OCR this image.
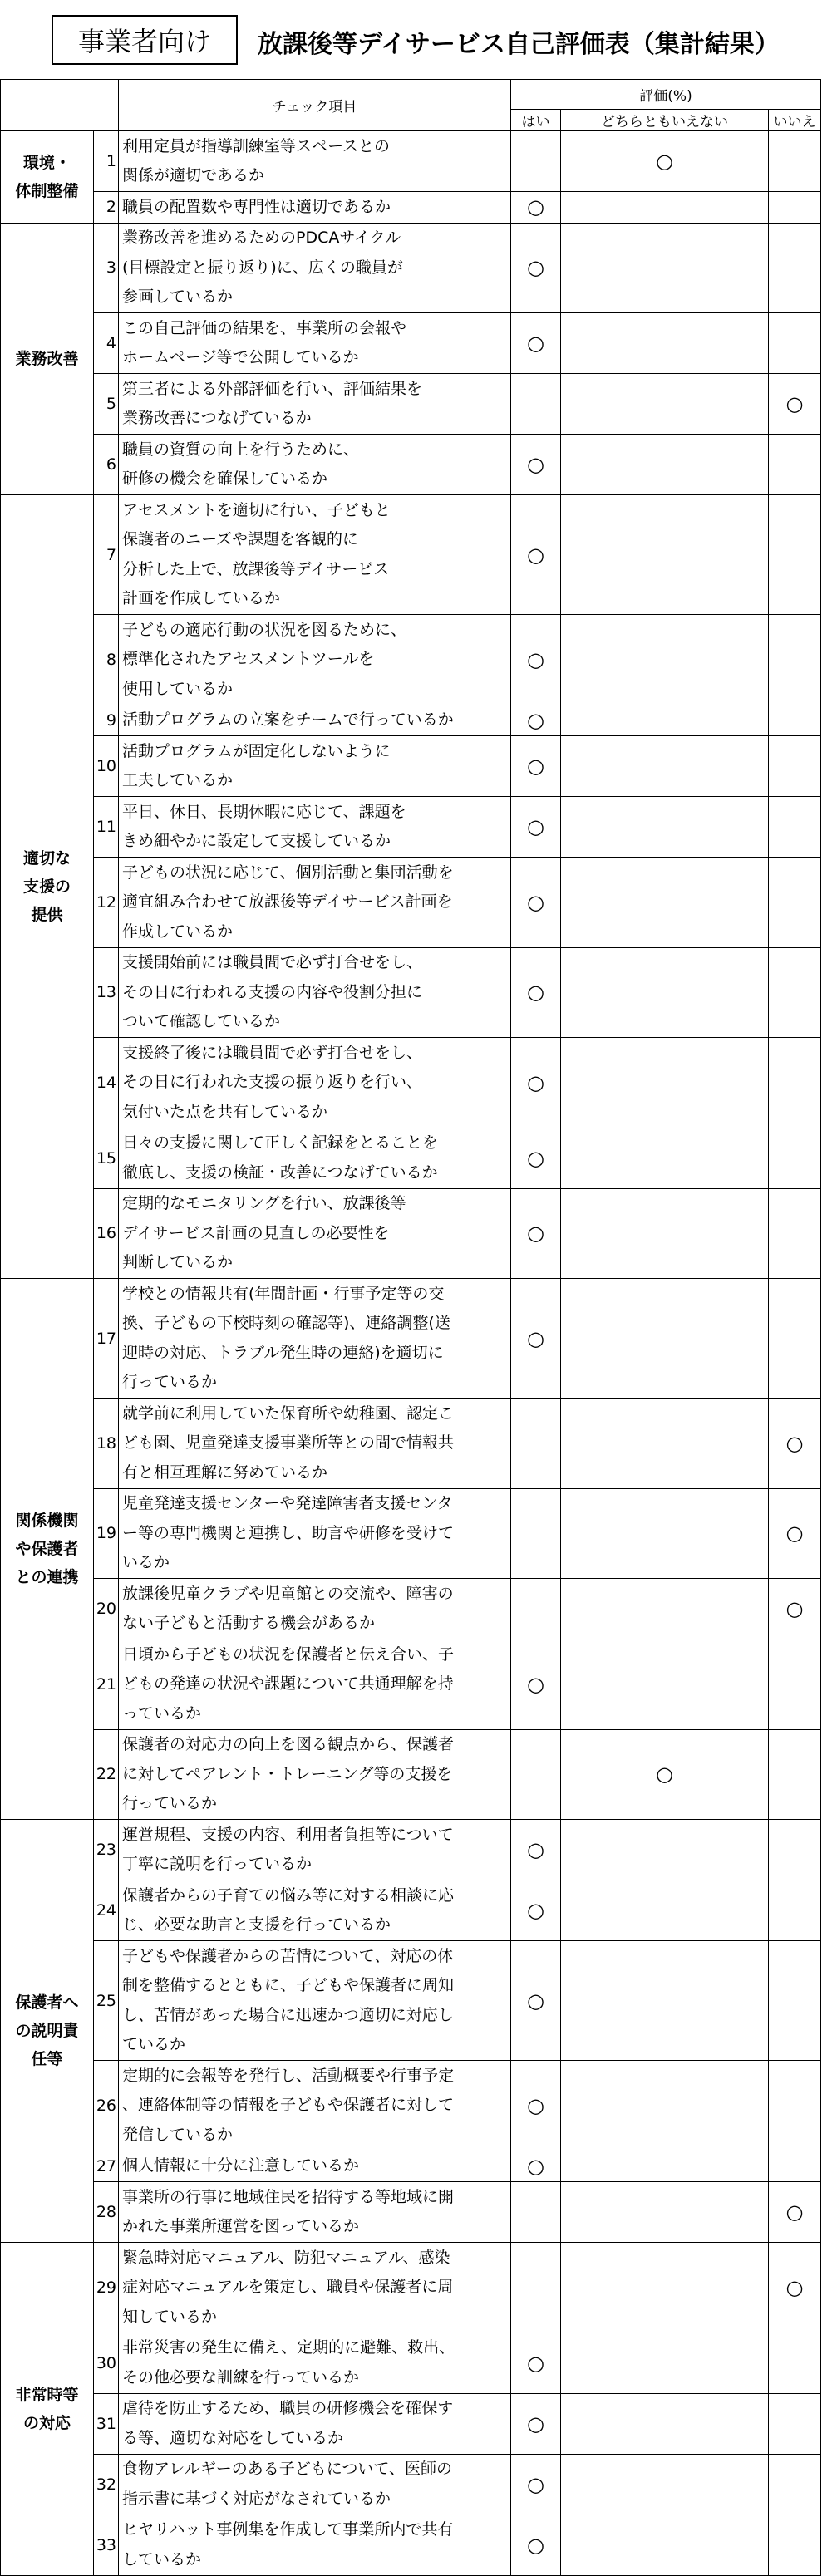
事業者向け	放課後等デイサービス自己評価表（集計結果）
		チェック項目	評価(%)		
			はい	どちらともいえない	いいえ
環境・
体制整備	1	利用定員が指導訓練室等スペースとの
関係が適切であるか		○	
	2	職員の配置数や専門性は適切であるか	○		
業務改善	3	業務改善を進めるためのPDCAサイクル
(目標設定と振り返り)に、広くの職員が
参画しているか	○		
	4	この自己評価の結果を、事業所の会報や
ホームページ等で公開しているか	○		
	5	第三者による外部評価を行い、評価結果を
業務改善につなげているか			○
	6	職員の資質の向上を行うために、
研修の機会を確保しているか	○		
適切な
支援の
提供	7	アセスメントを適切に行い、子どもと
保護者のニーズや課題を客観的に
分析した上で、放課後等デイサービス
計画を作成しているか	○		
	8	子どもの適応行動の状況を図るために、
標準化されたアセスメントツールを
使用しているか	○		
	9	活動プログラムの立案をチームで行っているか	○		
	10	活動プログラムが固定化しないように
工夫しているか	○		
	11	平日、休日、長期休暇に応じて、課題を
きめ細やかに設定して支援しているか	○		
	12	子どもの状況に応じて、個別活動と集団活動を
適宜組み合わせて放課後等デイサービス計画を
作成しているか	○		
	13	支援開始前には職員間で必ず打合せをし、
その日に行われる支援の内容や役割分担に
ついて確認しているか	○		
	14	支援終了後には職員間で必ず打合せをし、
その日に行われた支援の振り返りを行い､
気付いた点を共有しているか	○		
	15	日々の支援に関して正しく記録をとることを
徹底し、支援の検証・改善につなげているか	○		
	16	定期的なモニタリングを行い、放課後等
デイサービス計画の見直しの必要性を
判断しているか	○		
関係機関
や保護者
との連携	17	学校との情報共有(年間計画・行事予定等の交
換、子どもの下校時刻の確認等)、連絡調整(送
迎時の対応、トラブル発生時の連絡)を適切に
行っているか	○		
	18	就学前に利用していた保育所や幼稚園、認定こ
ども園、児童発達支援事業所等との間で情報共
有と相互理解に努めているか			○
	19	児童発達支援センターや発達障害者支援センタ
ー等の専門機関と連携し、助言や研修を受けて
いるか			○
	20	放課後児童クラブや児童館との交流や、障害の
ない子どもと活動する機会があるか			○
	21	日頃から子どもの状況を保護者と伝え合い、子
どもの発達の状況や課題について共通理解を持
っているか	○		
	22	保護者の対応力の向上を図る観点から、保護者
に対してペアレント・トレーニング等の支援を
行っているか		○	
保護者へ
の説明責
任等	23	運営規程、支援の内容、利用者負担等について
丁寧に説明を行っているか	○		
	24	保護者からの子育ての悩み等に対する相談に応
じ、必要な助言と支援を行っているか	○		
	25	子どもや保護者からの苦情について、対応の体
制を整備するとともに、子どもや保護者に周知
し、苦情があった場合に迅速かつ適切に対応し
ているか	○		
	26	定期的に会報等を発行し、活動概要や行事予定
、連絡体制等の情報を子どもや保護者に対して
発信しているか	○		
	27	個人情報に十分に注意しているか	○		
	28	事業所の行事に地域住民を招待する等地域に開
かれた事業所運営を図っているか			○
非常時等
の対応	29	緊急時対応マニュアル、防犯マニュアル、感染
症対応マニュアルを策定し、職員や保護者に周
知しているか			○
	30	非常災害の発生に備え、定期的に避難、救出、
その他必要な訓練を行っているか	○		
	31	虐待を防止するため、職員の研修機会を確保す
る等、適切な対応をしているか	○		
	32	食物アレルギーのある子どもについて、医師の
指示書に基づく対応がなされているか	○		
	33	ヒヤリハット事例集を作成して事業所内で共有
しているか	○		
